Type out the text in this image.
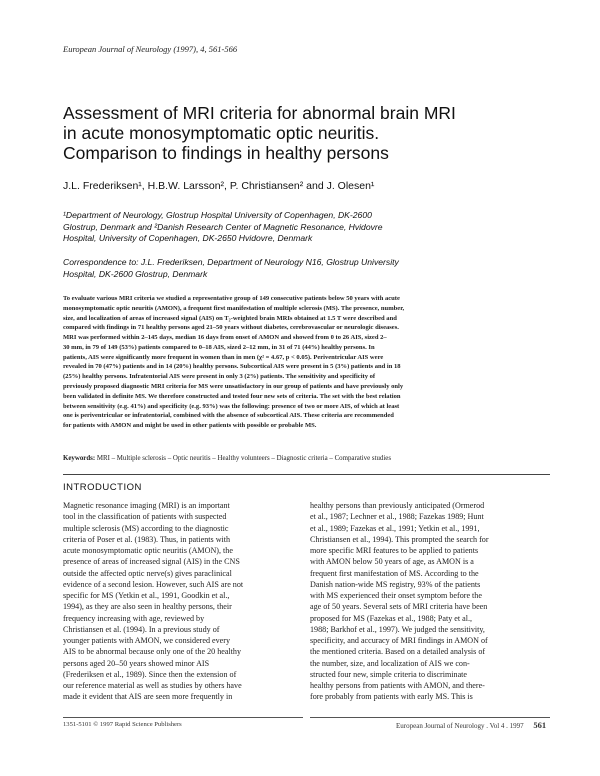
European Journal of Neurology (1997), 4, 561-566
Assessment of MRI criteria for abnormal brain MRI
in acute monosymptomatic optic neuritis.
Comparison to findings in healthy persons
J.L. Frederiksen¹, H.B.W. Larsson², P. Christiansen² and J. Olesen¹
¹Department of Neurology, Glostrup Hospital University of Copenhagen, DK-2600
Glostrup, Denmark and ²Danish Research Center of Magnetic Resonance, Hvidovre
Hospital, University of Copenhagen, DK-2650 Hvidovre, Denmark
Correspondence to: J.L. Frederiksen, Department of Neurology N16, Glostrup University
Hospital, DK-2600 Glostrup, Denmark
To evaluate various MRI criteria we studied a representative group of 149 consecutive patients below 50 years with acute
monosymptomatic optic neuritis (AMON), a frequent first manifestation of multiple sclerosis (MS). The presence, number,
size, and localization of areas of increased signal (AIS) on T₂-weighted brain MRIs obtained at 1.5 T were described and
compared with findings in 71 healthy persons aged 21–50 years without diabetes, cerebrovascular or neurologic diseases.
MRI was performed within 2–145 days, median 16 days from onset of AMON and showed from 0 to 26 AIS, sized 2–
30 mm, in 79 of 149 (53%) patients compared to 0–18 AIS, sized 2–12 mm, in 31 of 71 (44%) healthy persons. In
patients, AIS were significantly more frequent in women than in men (χ² = 4.67, p < 0.05). Periventricular AIS were
revealed in 70 (47%) patients and in 14 (20%) healthy persons. Subcortical AIS were present in 5 (3%) patients and in 18
(25%) healthy persons. Infratentorial AIS were present in only 3 (2%) patients. The sensitivity and specificity of
previously proposed diagnostic MRI criteria for MS were unsatisfactory in our group of patients and have previously only
been validated in definite MS. We therefore constructed and tested four new sets of criteria. The set with the best relation
between sensitivity (e.g. 41%) and specificity (e.g. 93%) was the following: presence of two or more AIS, of which at least
one is periventricular or infratentorial, combined with the absence of subcortical AIS. These criteria are recommended
for patients with AMON and might be used in other patients with possible or probable MS.
Keywords: MRI – Multiple sclerosis – Optic neuritis – Healthy volunteers – Diagnostic criteria – Comparative studies
INTRODUCTION
Magnetic resonance imaging (MRI) is an important
tool in the classification of patients with suspected
multiple sclerosis (MS) according to the diagnostic
criteria of Poser et al. (1983). Thus, in patients with
acute monosymptomatic optic neuritis (AMON), the
presence of areas of increased signal (AIS) in the CNS
outside the affected optic nerve(s) gives paraclinical
evidence of a second lesion. However, such AIS are not
specific for MS (Yetkin et al., 1991, Goodkin et al.,
1994), as they are also seen in healthy persons, their
frequency increasing with age, reviewed by
Christiansen et al. (1994). In a previous study of
younger patients with AMON, we considered every
AIS to be abnormal because only one of the 20 healthy
persons aged 20–50 years showed minor AIS
(Frederiksen et al., 1989). Since then the extension of
our reference material as well as studies by others have
made it evident that AIS are seen more frequently in
healthy persons than previously anticipated (Ormerod
et al., 1987; Lechner et al., 1988; Fazekas 1989; Hunt
et al., 1989; Fazekas et al., 1991; Yetkin et al., 1991,
Christiansen et al., 1994). This prompted the search for
more specific MRI features to be applied to patients
with AMON below 50 years of age, as AMON is a
frequent first manifestation of MS. According to the
Danish nation-wide MS registry, 93% of the patients
with MS experienced their onset symptom before the
age of 50 years. Several sets of MRI criteria have been
proposed for MS (Fazekas et al., 1988; Paty et al.,
1988; Barkhof et al., 1997). We judged the sensitivity,
specificity, and accuracy of MRI findings in AMON of
the mentioned criteria. Based on a detailed analysis of
the number, size, and localization of AIS we con-
structed four new, simple criteria to discriminate
healthy persons from patients with AMON, and there-
fore probably from patients with early MS. This is
1351-5101 © 1997 Rapid Science Publishers	European Journal of Neurology . Vol 4 . 1997 561
